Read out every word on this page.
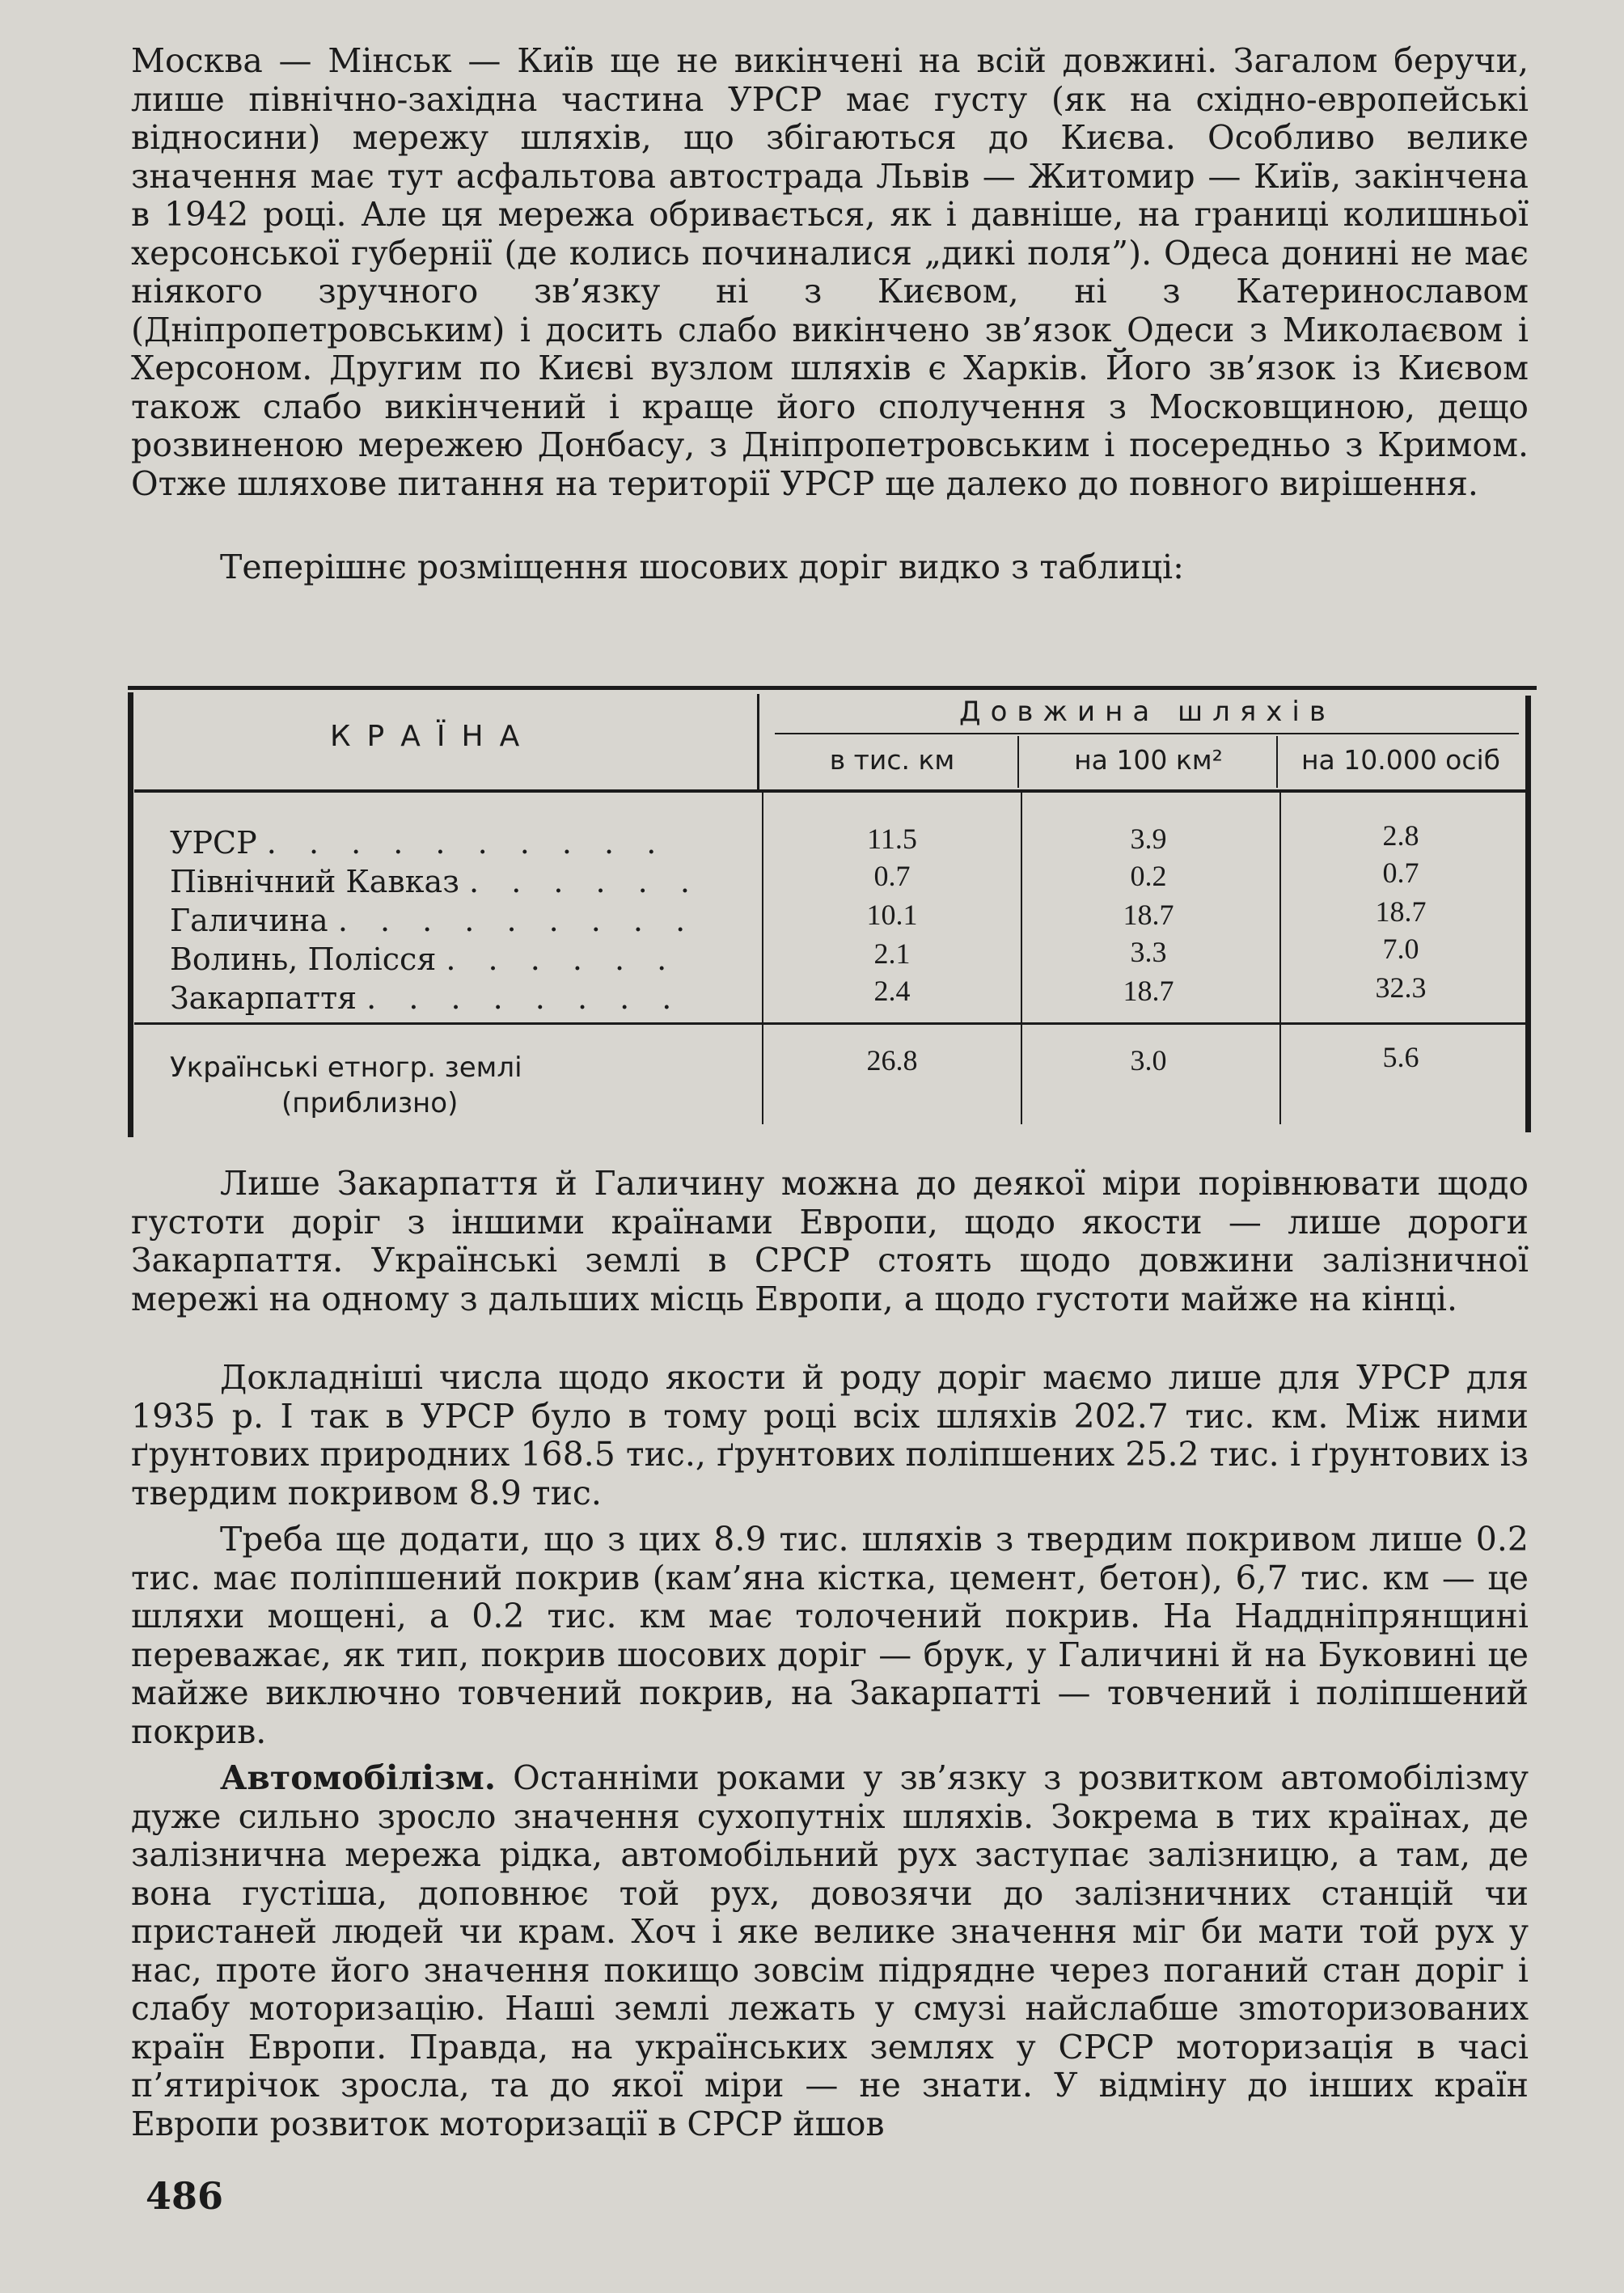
Москва — Мінськ — Київ ще не викінчені на всій довжині. Загалом беручи, лише північно-західна частина УРСР має густу (як на східно-европейські відносини) мережу шляхів, що збігаються до Києва. Особливо велике значення має тут асфальтова автострада Львів — Житомир — Київ, закінчена в 1942 році. Але ця мережа обривається, як і давніше, на границі колишньої херсонської губернії (де колись починалися „дикі поля”). Одеса донині не має ніякого зручного зв’язку ні з Києвом, ні з Катеринославом (Дніпропетровським) і досить слабо викінчено зв’язок Одеси з Миколаєвом і Херсоном. Другим по Києві вузлом шляхів є Харків. Його зв’язок із Києвом також слабо викінчений і краще його сполучення з Московщиною, дещо розвиненою мережею Донбасу, з Дніпропетровським і посередньо з Кримом. Отже шляхове питання на території УРСР ще далеко до повного вирішення.

Теперішнє розміщення шосових доріг видко з таблиці:

КРАЇНА
Довжина шляхів
в тис. км	на 100 км²	на 10.000 осіб
УРСР . . . . . . . . . .	11.5	3.9	2.8
Північний Кавказ . . . . . .	0.7	0.2	0.7
Галичина . . . . . . . . .	10.1	18.7	18.7
Волинь, Полісся . . . . . .	2.1	3.3	7.0
Закарпаття . . . . . . . .	2.4	18.7	32.3
Українські етногр. землі
(приблизно)
26.8	3.0	5.6

Лише Закарпаття й Галичину можна до деякої міри порівнювати щодо густоти доріг з іншими країнами Европи, щодо якости — лише дороги Закарпаття. Українські землі в СРСР стоять щодо довжини залізничної мережі на одному з дальших місць Европи, а щодо густоти майже на кінці.

Докладніші числа щодо якости й роду доріг маємо лише для УРСР для 1935 р. І так в УРСР було в тому році всіх шляхів 202.7 тис. км. Між ними ґрунтових природних 168.5 тис., ґрунтових поліпшених 25.2 тис. і ґрунтових із твердим покривом 8.9 тис.

Треба ще додати, що з цих 8.9 тис. шляхів з твердим покривом лише 0.2 тис. має поліпшений покрив (кам’яна кістка, цемент, бетон), 6,7 тис. км — це шляхи мощені, а 0.2 тис. км має толочений покрив. На Наддніпрянщині переважає, як тип, покрив шосових доріг — брук, у Галичині й на Буковині це майже виключно товчений покрив, на Закарпатті — товчений і поліпшений покрив.

Автомобілізм. Останніми роками у зв’язку з розвитком автомобілізму дуже сильно зросло значення сухопутніх шляхів. Зокрема в тих країнах, де залізнична мережа рідка, автомобільний рух заступає залізницю, а там, де вона густіша, доповнює той рух, довозячи до залізничних станцій чи пристаней людей чи крам. Хоч і яке велике значення міг би мати той рух у нас, проте його значення покищо зовсім підрядне через поганий стан доріг і слабу моторизацію. Наші землі лежать у смузі найслабше зmоторизованих країн Европи. Правда, на українських землях у СРСР моторизація в часі п’ятирічок зросла, та до якої міри — не знати. У відміну до інших країн Европи розвиток моторизації в СРСР йшов

486
